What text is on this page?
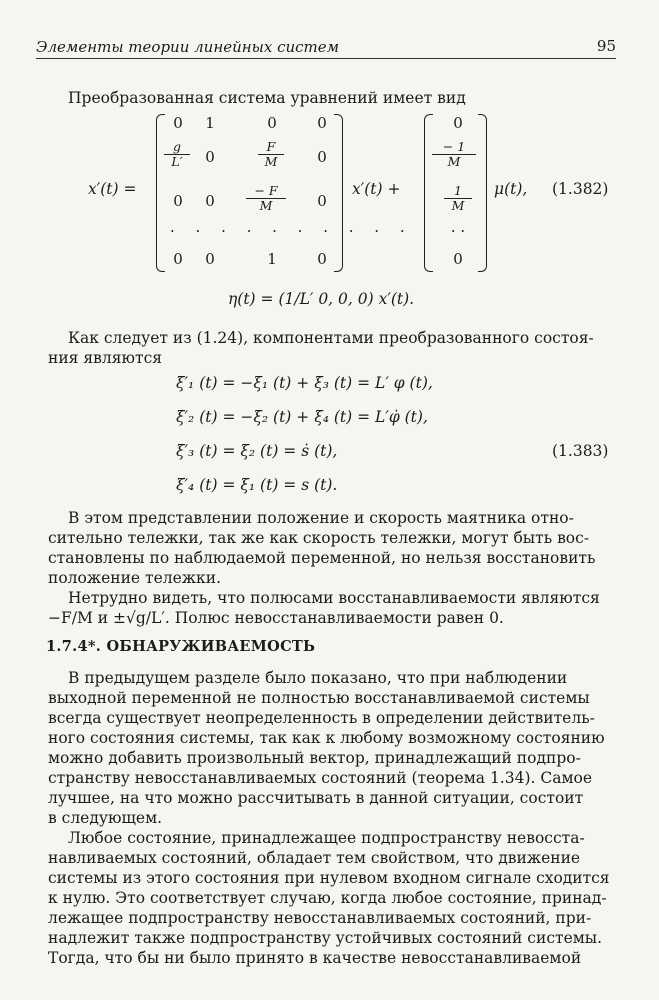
Элементы теории линейных систем	95
Преобразованная система уравнений имеет вид
x′(t) =
0	1	0	0
$\frac{g}{L'}$	0	$\frac{F}{M}$	0
0	0	$\frac{- F}{M}$	0
· · · · · · · · · ·
0	0	1	0
x′(t) +
0
$\frac{- 1}{M}$
$\frac{1}{M}$
· ·
0
μ(t), (1.382)
η(t) = (1/L′ 0, 0, 0) x′(t).
Как следует из (1.24), компонентами преобразованного состоя-
ния являются
ξ′₁ (t) = −ξ₁ (t) + ξ₃ (t) = L′ φ (t),
ξ′₂ (t) = −ξ₂ (t) + ξ₄ (t) = L′φ̇ (t),
ξ′₃ (t) = ξ₂ (t) = ṡ (t),	(1.383)
ξ′₄ (t) = ξ₁ (t) = s (t).
В этом представлении положение и скорость маятника отно-
сительно тележки, так же как скорость тележки, могут быть вос-
становлены по наблюдаемой переменной, но нельзя восстановить
положение тележки.
Нетрудно видеть, что полюсами восстанавливаемости являются
−F/M и ±√g/L′. Полюс невосстанавливаемости равен 0.
1.7.4*. ОБНАРУЖИВАЕМОСТЬ
В предыдущем разделе было показано, что при наблюдении
выходной переменной не полностью восстанавливаемой системы
всегда существует неопределенность в определении действитель-
ного состояния системы, так как к любому возможному состоянию
можно добавить произвольный вектор, принадлежащий подпро-
странству невосстанавливаемых состояний (теорема 1.34). Самое
лучшее, на что можно рассчитывать в данной ситуации, состоит
в следующем.
Любое состояние, принадлежащее подпространству невосста-
навливаемых состояний, обладает тем свойством, что движение
системы из этого состояния при нулевом входном сигнале сходится
к нулю. Это соответствует случаю, когда любое состояние, принад-
лежащее подпространству невосстанавливаемых состояний, при-
надлежит также подпространству устойчивых состояний системы.
Тогда, что бы ни было принято в качестве невосстанавливаемой
